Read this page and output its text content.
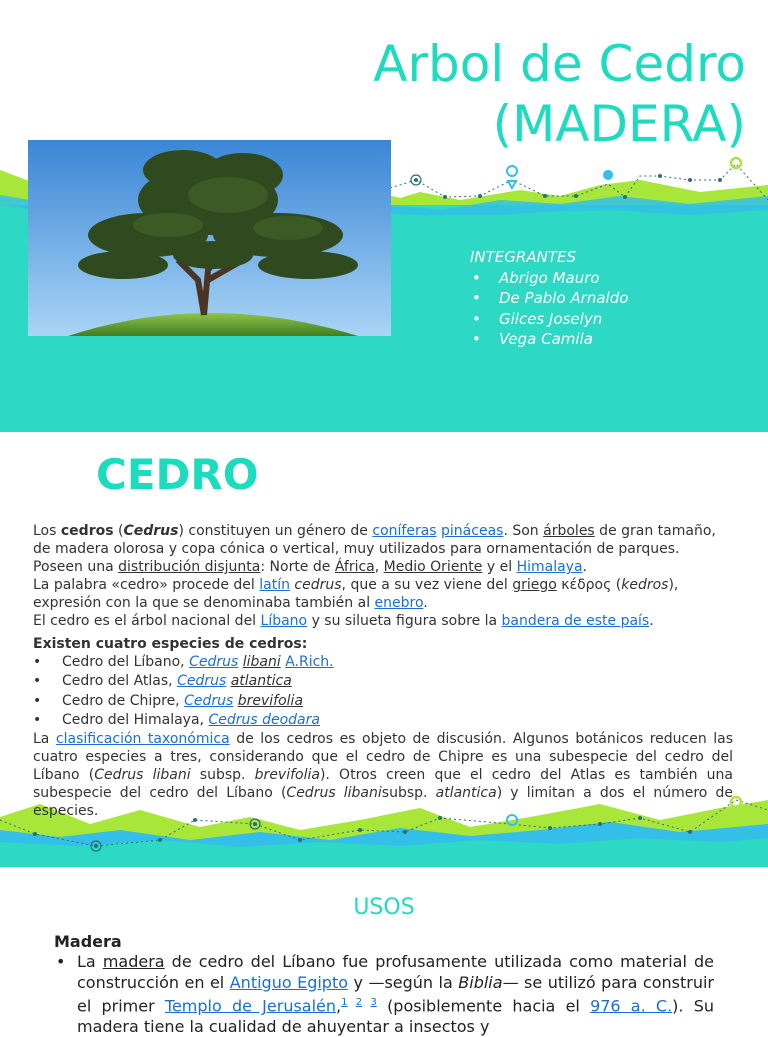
Arbol de Cedro
(MADERA)
INTEGRANTES
• Abrigo Mauro
• De Pablo Arnaldo
• Gilces Joselyn
• Vega Camila
CEDRO
Los cedros (Cedrus) constituyen un género de coníferas pináceas. Son árboles de gran tamaño, de madera olorosa y copa cónica o vertical, muy utilizados para ornamentación de parques. Poseen una distribución disjunta: Norte de África, Medio Oriente y el Himalaya.
La palabra «cedro» procede del latín cedrus, que a su vez viene del griego κέδρος (kedros), expresión con la que se denominaba también al enebro.
El cedro es el árbol nacional del Líbano y su silueta figura sobre la bandera de este país.
Existen cuatro especies de cedros:
• Cedro del Líbano, Cedrus libani A.Rich.
• Cedro del Atlas, Cedrus atlantica
• Cedro de Chipre, Cedrus brevifolia
• Cedro del Himalaya, Cedrus deodara
La clasificación taxonómica de los cedros es objeto de discusión. Algunos botánicos reducen las cuatro especies a tres, considerando que el cedro de Chipre es una subespecie del cedro del Líbano (Cedrus libani subsp. brevifolia). Otros creen que el cedro del Atlas es también una subespecie del cedro del Líbano (Cedrus libanisubsp. atlantica) y limitan a dos el número de especies.
USOS
Madera
• La madera de cedro del Líbano fue profusamente utilizada como material de construcción en el Antiguo Egipto y —según la Biblia— se utilizó para construir el primer Templo de Jerusalén,$^{1 2 3}$ (posiblemente hacia el 976 a. C.). Su madera tiene la cualidad de ahuyentar a insectos y
